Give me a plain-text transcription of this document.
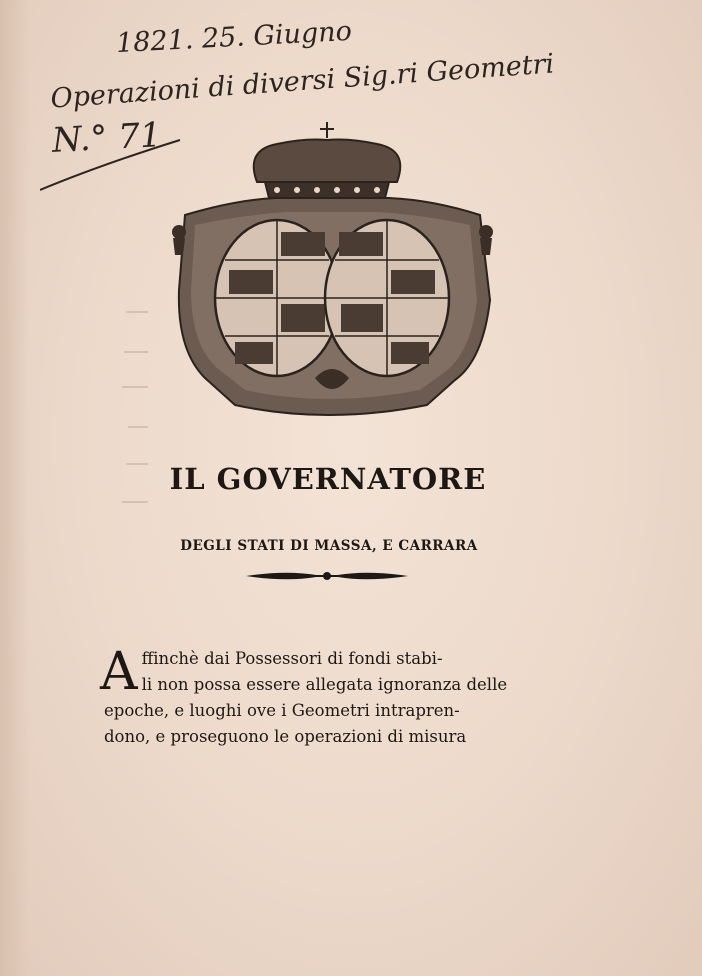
1821. 25. Giugno
Operazioni di diversi Sig.ri Geometri
N.° 71
IL GOVERNATORE
DEGLI STATI DI MASSA, E CARRARA
A ffinchè dai Possessori di fondi stabi-
li non possa essere allegata ignoranza delle
epoche, e luoghi ove i Geometri intrapren-
dono, e proseguono le operazioni di misura
